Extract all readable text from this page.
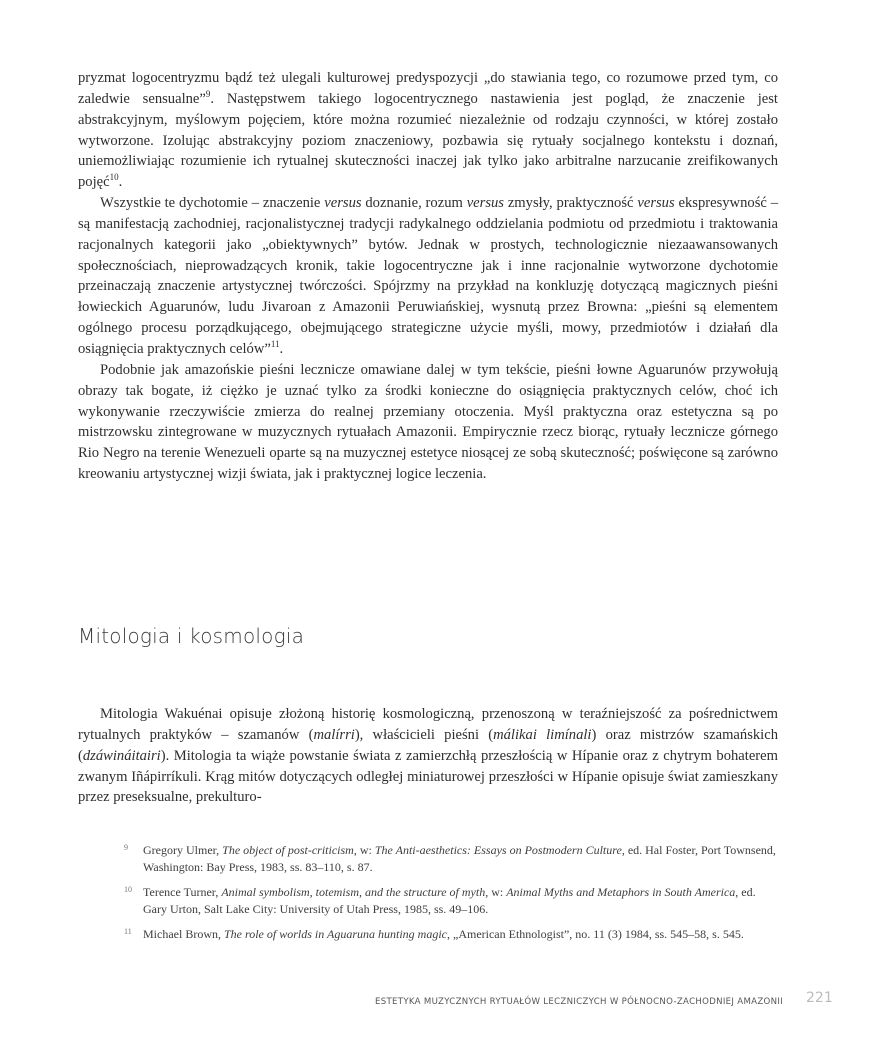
pryzmat logocentryzmu bądź też ulegali kulturowej predyspozycji „do stawiania tego, co rozumowe przed tym, co zaledwie sensualne”$^9$. Następstwem takiego logocentrycznego nastawienia jest pogląd, że znaczenie jest abstrakcyjnym, myślowym pojęciem, które można rozumieć niezależnie od rodzaju czynności, w której zostało wytworzone. Izolując abstrakcyjny poziom znaczeniowy, pozbawia się rytuały socjalnego kontekstu i doznań, uniemożliwiając rozumienie ich rytualnej skuteczności inaczej jak tylko jako arbitralne narzucanie zreifikowanych pojęć$^{10}$.

Wszystkie te dychotomie – znaczenie versus doznanie, rozum versus zmysły, praktyczność versus ekspresywność – są manifestacją zachodniej, racjonalistycznej tradycji radykalnego oddzielania podmiotu od przedmiotu i traktowania racjonalnych kategorii jako „obiektywnych” bytów. Jednak w prostych, technologicznie niezaawansowanych społecznościach, nieprowadzących kronik, takie logocentryczne jak i inne racjonalnie wytworzone dychotomie przeinaczają znaczenie artystycznej twórczości. Spójrzmy na przykład na konkluzję dotyczącą magicznych pieśni łowieckich Aguarunów, ludu Jivaroan z Amazonii Peruwiańskiej, wysnutą przez Browna: „pieśni są elementem ogólnego procesu porządkującego, obejmującego strategiczne użycie myśli, mowy, przedmiotów i działań dla osiągnięcia praktycznych celów”$^{11}$.

Podobnie jak amazońskie pieśni lecznicze omawiane dalej w tym tekście, pieśni łowne Aguarunów przywołują obrazy tak bogate, iż ciężko je uznać tylko za środki konieczne do osiągnięcia praktycznych celów, choć ich wykonywanie rzeczywiście zmierza do realnej przemiany otoczenia. Myśl praktyczna oraz estetyczna są po mistrzowsku zintegrowane w muzycznych rytuałach Amazonii. Empirycznie rzecz biorąc, rytuały lecznicze górnego Rio Negro na terenie Wenezueli oparte są na muzycznej estetyce niosącej ze sobą skuteczność; poświęcone są zarówno kreowaniu artystycznej wizji świata, jak i praktycznej logice leczenia.

Mitologia i kosmologia

Mitologia Wakuénai opisuje złożoną historię kosmologiczną, przenoszoną w teraźniejszość za pośrednictwem rytualnych praktyków – szamanów (malírri), właścicieli pieśni (málikai limínali) oraz mistrzów szamańskich (dzáwináitairi). Mitologia ta wiąże powstanie świata z zamierzchłą przeszłością w Hípanie oraz z chytrym bohaterem zwanym Iñápirríkuli. Krąg mitów dotyczących odległej miniaturowej przeszłości w Hípanie opisuje świat zamieszkany przez preseksualne, prekulturo-

9 Gregory Ulmer, The object of post-criticism, w: The Anti-aesthetics: Essays on Postmodern Culture, ed. Hal Foster, Port Townsend, Washington: Bay Press, 1983, ss. 83–110, s. 87.

10 Terence Turner, Animal symbolism, totemism, and the structure of myth, w: Animal Myths and Metaphors in South America, ed. Gary Urton, Salt Lake City: University of Utah Press, 1985, ss. 49–106.

11 Michael Brown, The role of worlds in Aguaruna hunting magic, „American Ethnologist”, no. 11 (3) 1984, ss. 545–58, s. 545.

ESTETYKA MUZYCZNYCH RYTUAŁÓW LECZNICZYCH W PÓŁNOCNO-ZACHODNIEJ AMAZONII 221
